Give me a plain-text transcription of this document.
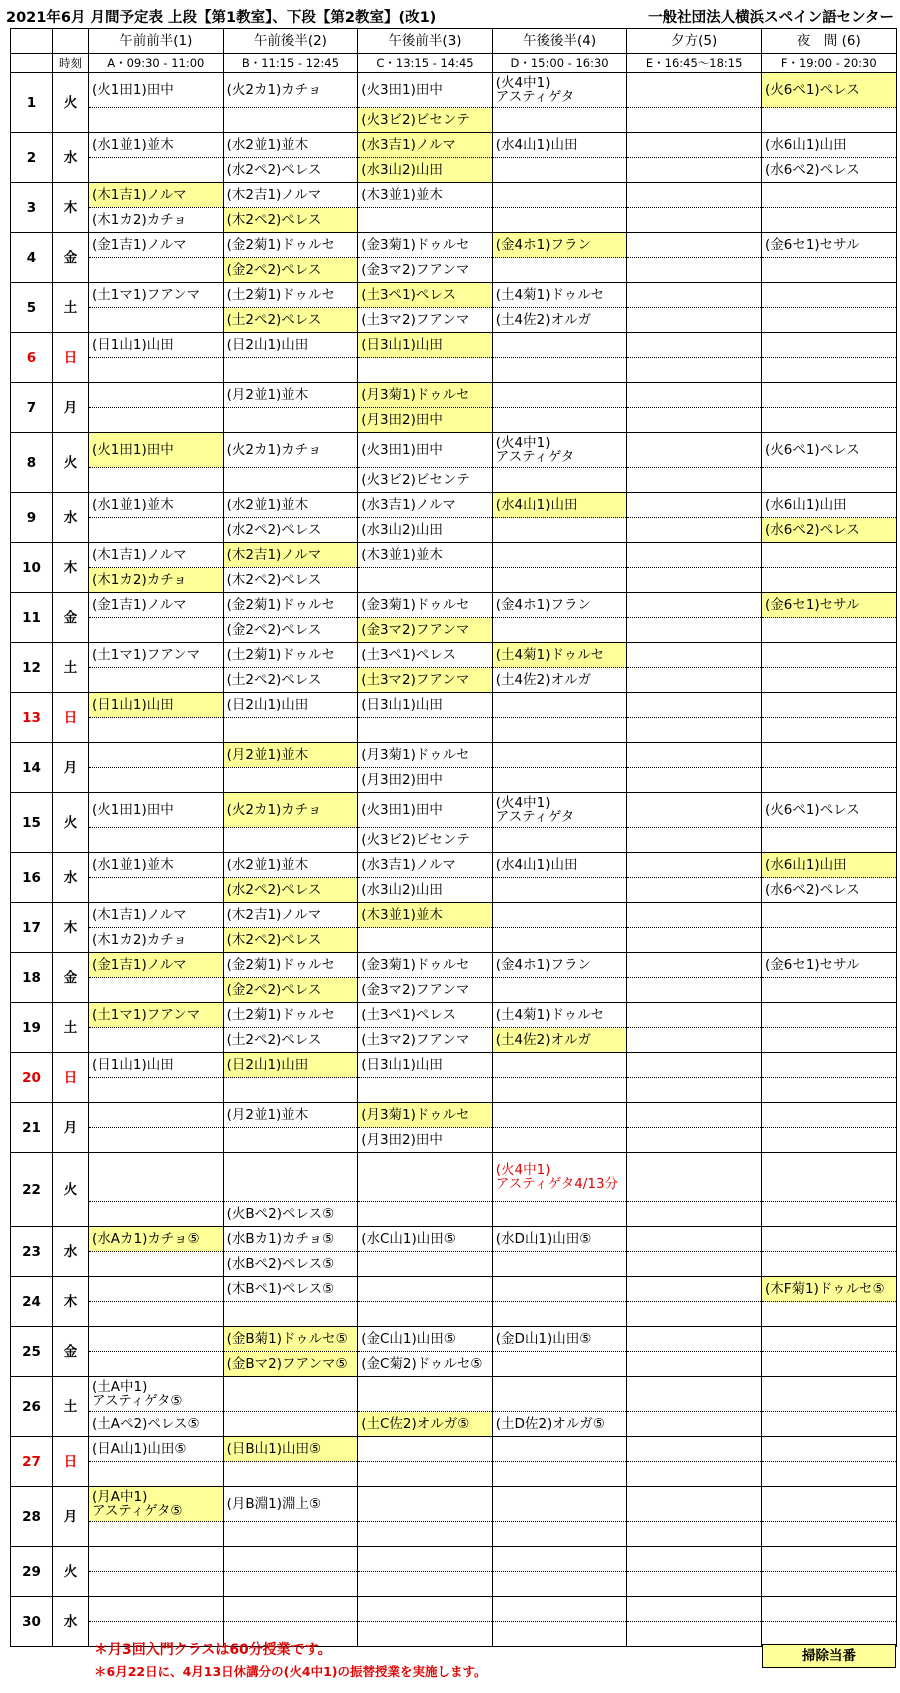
2021年6月 月間予定表 上段【第1教室】、下段【第2教室】(改1)	一般社団法人横浜スペイン語センター
		午前前半(1)	午前後半(2)	午後前半(3)	午後後半(4)	夕方(5)	夜　間 (6)
	時刻	A・09:30 - 11:00	B・11:15 - 12:45	C・13:15 - 14:45	D・15:00 - 16:30	E・16:45～18:15	F・19:00 - 20:30
1	火	(火1田1)田中	(火2カ1)カチョ	(火3田1)田中	(火4中1)
アスティゲタ		(火6ペ1)ペレス
				(火3ビ2)ビセンテ			
2	水	(水1並1)並木	(水2並1)並木	(水3吉1)ノルマ	(水4山1)山田		(水6山1)山田
			(水2ペ2)ペレス	(水3山2)山田			(水6ペ2)ペレス
3	木	(木1吉1)ノルマ	(木2吉1)ノルマ	(木3並1)並木			
		(木1カ2)カチョ	(木2ペ2)ペレス				
4	金	(金1吉1)ノルマ	(金2菊1)ドゥルセ	(金3菊1)ドゥルセ	(金4ホ1)フラン		(金6セ1)セサル
			(金2ペ2)ペレス	(金3マ2)フアンマ			
5	土	(土1マ1)フアンマ	(土2菊1)ドゥルセ	(土3ペ1)ペレス	(土4菊1)ドゥルセ		
			(土2ペ2)ペレス	(土3マ2)フアンマ	(土4佐2)オルガ		
6	日	(日1山1)山田	(日2山1)山田	(日3山1)山田			

7	月		(月2並1)並木	(月3菊1)ドゥルセ			
				(月3田2)田中			
8	火	(火1田1)田中	(火2カ1)カチョ	(火3田1)田中	(火4中1)
アスティゲタ		(火6ペ1)ペレス
				(火3ビ2)ビセンテ			
9	水	(水1並1)並木	(水2並1)並木	(水3吉1)ノルマ	(水4山1)山田		(水6山1)山田
			(水2ペ2)ペレス	(水3山2)山田			(水6ペ2)ペレス
10	木	(木1吉1)ノルマ	(木2吉1)ノルマ	(木3並1)並木			
		(木1カ2)カチョ	(木2ペ2)ペレス				
11	金	(金1吉1)ノルマ	(金2菊1)ドゥルセ	(金3菊1)ドゥルセ	(金4ホ1)フラン		(金6セ1)セサル
			(金2ペ2)ペレス	(金3マ2)フアンマ			
12	土	(土1マ1)フアンマ	(土2菊1)ドゥルセ	(土3ペ1)ペレス	(土4菊1)ドゥルセ		
			(土2ペ2)ペレス	(土3マ2)フアンマ	(土4佐2)オルガ		
13	日	(日1山1)山田	(日2山1)山田	(日3山1)山田			

14	月		(月2並1)並木	(月3菊1)ドゥルセ			
				(月3田2)田中			
15	火	(火1田1)田中	(火2カ1)カチョ	(火3田1)田中	(火4中1)
アスティゲタ		(火6ペ1)ペレス
				(火3ビ2)ビセンテ			
16	水	(水1並1)並木	(水2並1)並木	(水3吉1)ノルマ	(水4山1)山田		(水6山1)山田
			(水2ペ2)ペレス	(水3山2)山田			(水6ペ2)ペレス
17	木	(木1吉1)ノルマ	(木2吉1)ノルマ	(木3並1)並木			
		(木1カ2)カチョ	(木2ペ2)ペレス				
18	金	(金1吉1)ノルマ	(金2菊1)ドゥルセ	(金3菊1)ドゥルセ	(金4ホ1)フラン		(金6セ1)セサル
			(金2ペ2)ペレス	(金3マ2)フアンマ			
19	土	(土1マ1)フアンマ	(土2菊1)ドゥルセ	(土3ペ1)ペレス	(土4菊1)ドゥルセ		
			(土2ペ2)ペレス	(土3マ2)フアンマ	(土4佐2)オルガ		
20	日	(日1山1)山田	(日2山1)山田	(日3山1)山田			

21	月		(月2並1)並木	(月3菊1)ドゥルセ			
				(月3田2)田中			
22	火				(火4中1)
アスティゲタ4/13分		
			(火Bペ2)ペレス⑤				
23	水	(水Aカ1)カチョ⑤	(水Bカ1)カチョ⑤	(水C山1)山田⑤	(水D山1)山田⑤		
			(水Bペ2)ペレス⑤				
24	木		(木Bペ1)ペレス⑤				(木F菊1)ドゥルセ⑤

25	金		(金B菊1)ドゥルセ⑤	(金C山1)山田⑤	(金D山1)山田⑤		
			(金Bマ2)フアンマ⑤	(金C菊2)ドゥルセ⑤			
26	土	(土A中1)
アスティゲタ⑤					
		(土Aペ2)ペレス⑤		(土C佐2)オルガ⑤	(土D佐2)オルガ⑤		
27	日	(日A山1)山田⑤	(日B山1)山田⑤				

28	月	(月A中1)
アスティゲタ⑤	(月B淵1)淵上⑤				

29	火						

30	水						

＊月3回入門クラスは60分授業です。
＊6月22日に、4月13日休講分の(火4中1)の振替授業を実施します。
掃除当番
